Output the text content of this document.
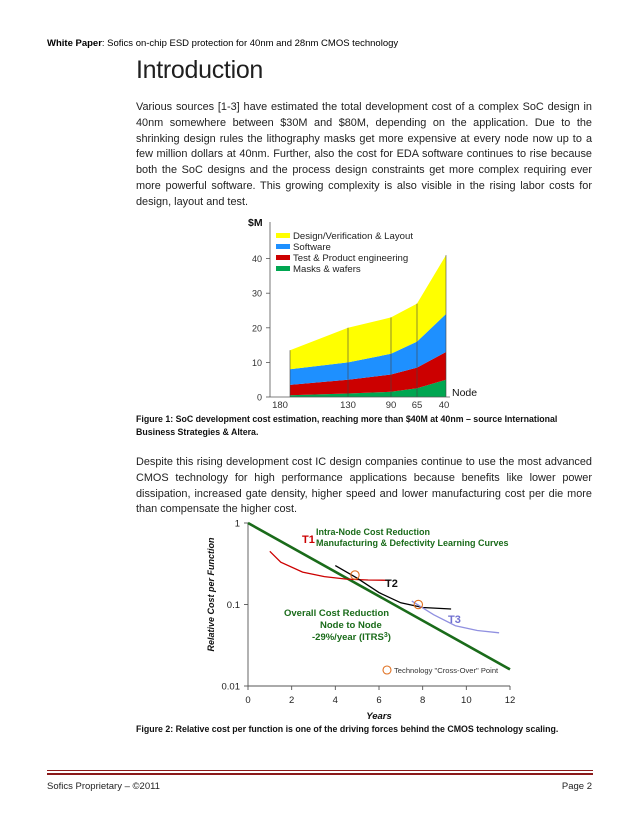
White Paper: Sofics on-chip ESD protection for 40nm and 28nm CMOS technology
Introduction
Various sources [1-3] have estimated the total development cost of a complex SoC design in 40nm somewhere between $30M and $80M, depending on the application. Due to the shrinking design rules the lithography masks get more expensive at every node now up to a few million dollars at 40nm. Further, also the cost for EDA software continues to rise because both the SoC designs and the process design constraints get more complex requiring ever more powerful software. This growing complexity is also visible in the rising labor costs for design, layout and test.
0
10
20
30
40
$M
180	130	90 65 40
Node
Design/Verification & Layout
Software
Test & Product engineering
Masks & wafers
Figure 1: SoC development cost estimation, reaching more than $40M at 40nm – source International Business Strategies & Altera.
Despite this rising development cost IC design companies continue to use the most advanced CMOS technology for high performance applications because benefits like lower power dissipation, increased gate density, higher speed and lower manufacturing cost per die more than compensate the higher cost.
0	2	4	6	8	10	12
1
0.1
0.01
Years
Relative Cost per Function
Intra-Node Cost Reduction
Manufacturing & Defectivity Learning Curves
T1
T2
T3
Overall Cost Reduction
Node to Node
-29%/year (ITRS$^3$)
Technology "Cross-Over" Point
Figure 2: Relative cost per function is one of the driving forces behind the CMOS technology scaling.
Sofics Proprietary – ©2011	Page 2
